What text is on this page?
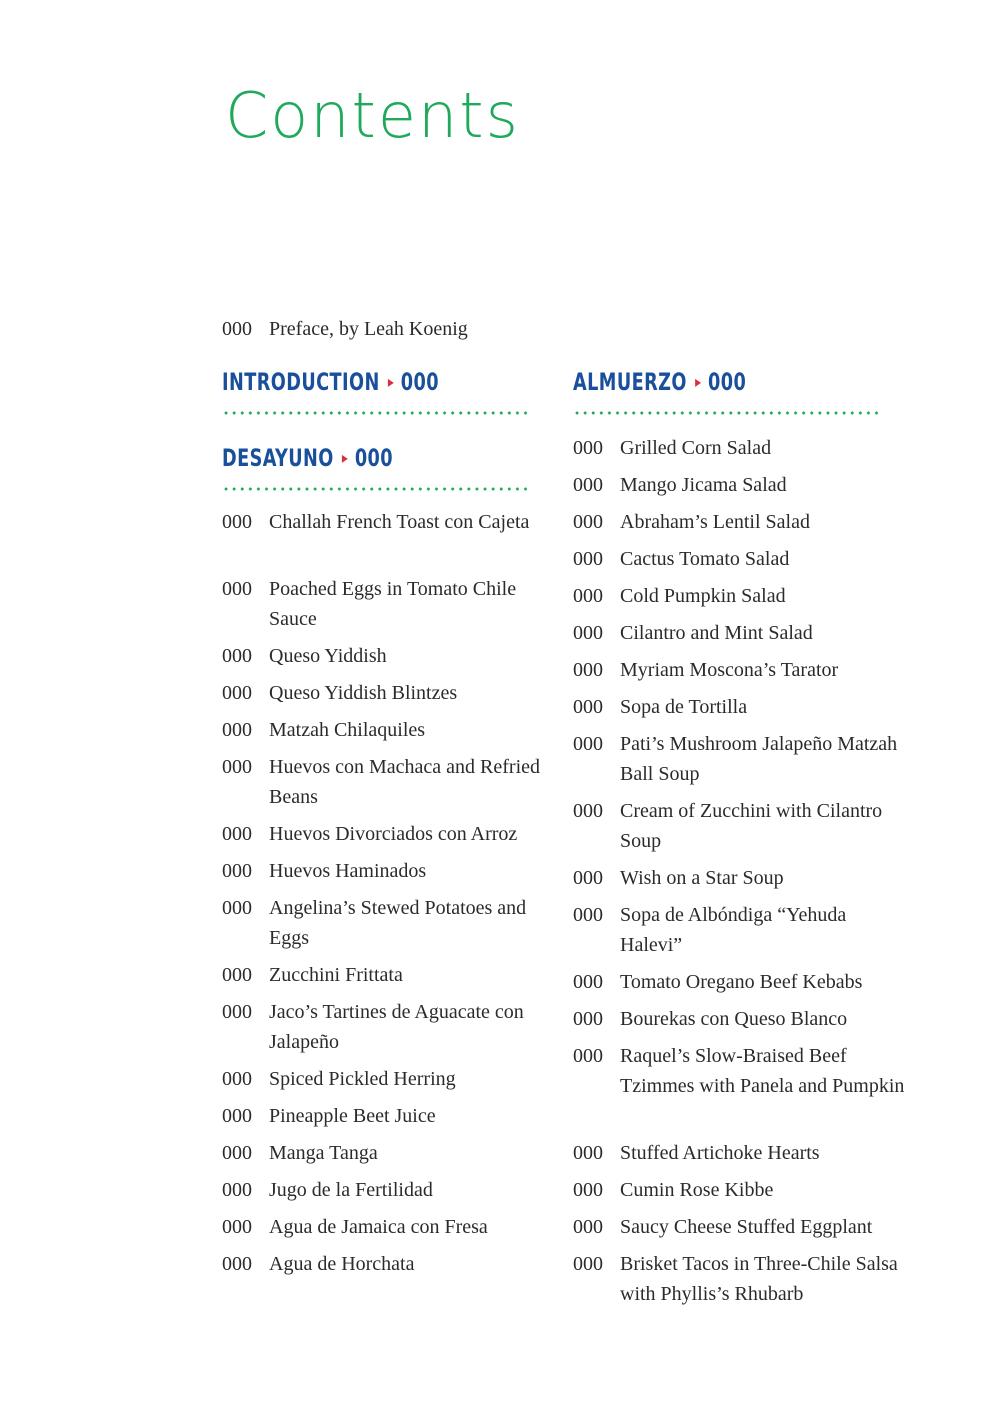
Contents
000 Preface, by Leah Koenig
INTRODUCTION ▸ 000
DESAYUNO ▸ 000
000 Challah French Toast con Cajeta
000 Poached Eggs in Tomato Chile Sauce
000 Queso Yiddish
000 Queso Yiddish Blintzes
000 Matzah Chilaquiles
000 Huevos con Machaca and Refried Beans
000 Huevos Divorciados con Arroz
000 Huevos Haminados
000 Angelina’s Stewed Potatoes and Eggs
000 Zucchini Frittata
000 Jaco’s Tartines de Aguacate con Jalapeño
000 Spiced Pickled Herring
000 Pineapple Beet Juice
000 Manga Tanga
000 Jugo de la Fertilidad
000 Agua de Jamaica con Fresa
000 Agua de Horchata
ALMUERZO ▸ 000
000 Grilled Corn Salad
000 Mango Jicama Salad
000 Abraham’s Lentil Salad
000 Cactus Tomato Salad
000 Cold Pumpkin Salad
000 Cilantro and Mint Salad
000 Myriam Moscona’s Tarator
000 Sopa de Tortilla
000 Pati’s Mushroom Jalapeño Matzah Ball Soup
000 Cream of Zucchini with Cilantro Soup
000 Wish on a Star Soup
000 Sopa de Albóndiga “Yehuda Halevi”
000 Tomato Oregano Beef Kebabs
000 Bourekas con Queso Blanco
000 Raquel’s Slow-Braised Beef Tzimmes with Panela and Pumpkin
000 Stuffed Artichoke Hearts
000 Cumin Rose Kibbe
000 Saucy Cheese Stuffed Eggplant
000 Brisket Tacos in Three-Chile Salsa with Phyllis’s Rhubarb
